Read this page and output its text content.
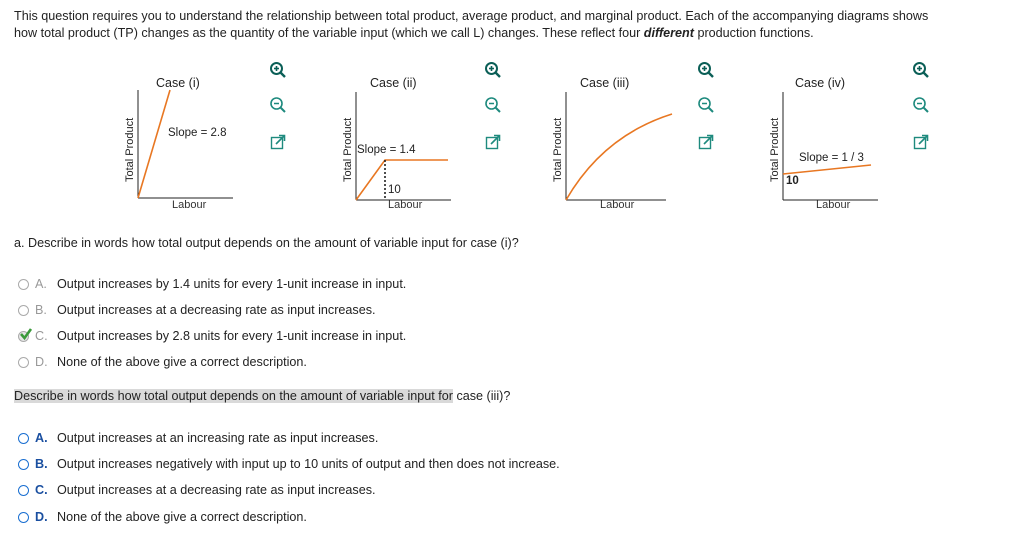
This question requires you to understand the relationship between total product, average product, and marginal product. Each of the accompanying diagrams shows
how total product (TP) changes as the quantity of the variable input (which we call L) changes. These reflect four different production functions.
Case (i)
Total Product	Slope = 2.8
Labour
Case (ii)
Total Product Slope = 1.4
10
Labour
Case (iii)
Total Product
Labour
Case (iv)
Total Product Slope = 1 / 3
10
Labour
a. Describe in words how total output depends on the amount of variable input for case (i)?
A. Output increases by 1.4 units for every 1-unit increase in input.
B. Output increases at a decreasing rate as input increases.
C. Output increases by 2.8 units for every 1-unit increase in input.
D. None of the above give a correct description.
Describe in words how total output depends on the amount of variable input for case (iii)?
A. Output increases at an increasing rate as input increases.
B. Output increases negatively with input up to 10 units of output and then does not increase.
C. Output increases at a decreasing rate as input increases.
D. None of the above give a correct description.
